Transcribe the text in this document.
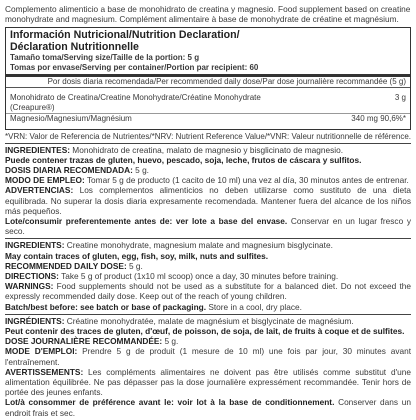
Complemento alimenticio a base de monohidrato de creatina y magnesio. Food supplement based on creatine monohydrate and magnesium. Complément alimentaire à base de monohydrate de créatine et magnésium.

Información Nutricional/Nutrition Declaration/
Déclaration Nutritionnelle
Tamaño toma/Serving size/Taille de la portion: 5 g
Tomas por envase/Serving per container/Portion par recipient: 60
Por dosis diaria recomendada/Per recommended daily dose/Par dose journalière recommandée (5 g)
Monohidrato de Creatina/Creatine Monohydrate/Créatine Monohydrate (Creapure®)
3 g
Magnesio/Magnesium/Magnésium	340 mg 90,6%*
*VRN: Valor de Referencia de Nutrientes/*NRV: Nutrient Reference Value/*VNR: Valeur nutritionnelle de référence.

INGREDIENTES: Monohidrato de creatina, malato de magnesio y bisglicinato de magnesio.

Puede contener trazas de gluten, huevo, pescado, soja, leche, frutos de cáscara y sulfitos.

DOSIS DIARIA RECOMENDADA: 5 g.

MODO DE EMPLEO: Tomar 5 g de producto (1 cacito de 10 ml) una vez al día, 30 minutos antes de entrenar.

ADVERTENCIAS: Los complementos alimenticios no deben utilizarse como sustituto de una dieta equilibrada. No superar la dosis diaria expresamente recomendada. Mantener fuera del alcance de los niños más pequeños.

Lote/consumir preferentemente antes de: ver lote a base del envase. Conservar en un lugar fresco y seco.

INGREDIENTS: Creatine monohydrate, magnesium malate and magnesium bisglycinate.

May contain traces of gluten, egg, fish, soy, milk, nuts and sulfites.

RECOMMENDED DAILY DOSE: 5 g.

DIRECTIONS: Take 5 g of product (1x10 ml scoop) once a day, 30 minutes before training.

WARNINGS: Food supplements should not be used as a substitute for a balanced diet. Do not exceed the expressly recommended daily dose. Keep out of the reach of young children.

Batch/best before: see batch or base of packaging. Store in a cool, dry place.

INGRÉDIENTS: Créatine monohydratée, malate de magnésium et bisglycinate de magnésium.

Peut contenir des traces de gluten, d'œuf, de poisson, de soja, de lait, de fruits à coque et de sulfites.

DOSE JOURNALIÈRE RECOMMANDÉE: 5 g.

MODE D'EMPLOI: Prendre 5 g de produit (1 mesure de 10 ml) une fois par jour, 30 minutes avant l'entraînement.

AVERTISSEMENTS: Les compléments alimentaires ne doivent pas être utilisés comme substitut d'une alimentation équilibrée. Ne pas dépasser pas la dose journalière expressément recommandée. Tenir hors de portée des jeunes enfants.

Lot/à consommer de préférence avant le: voir lot à la base de conditionnement. Conserver dans un endroit frais et sec.
